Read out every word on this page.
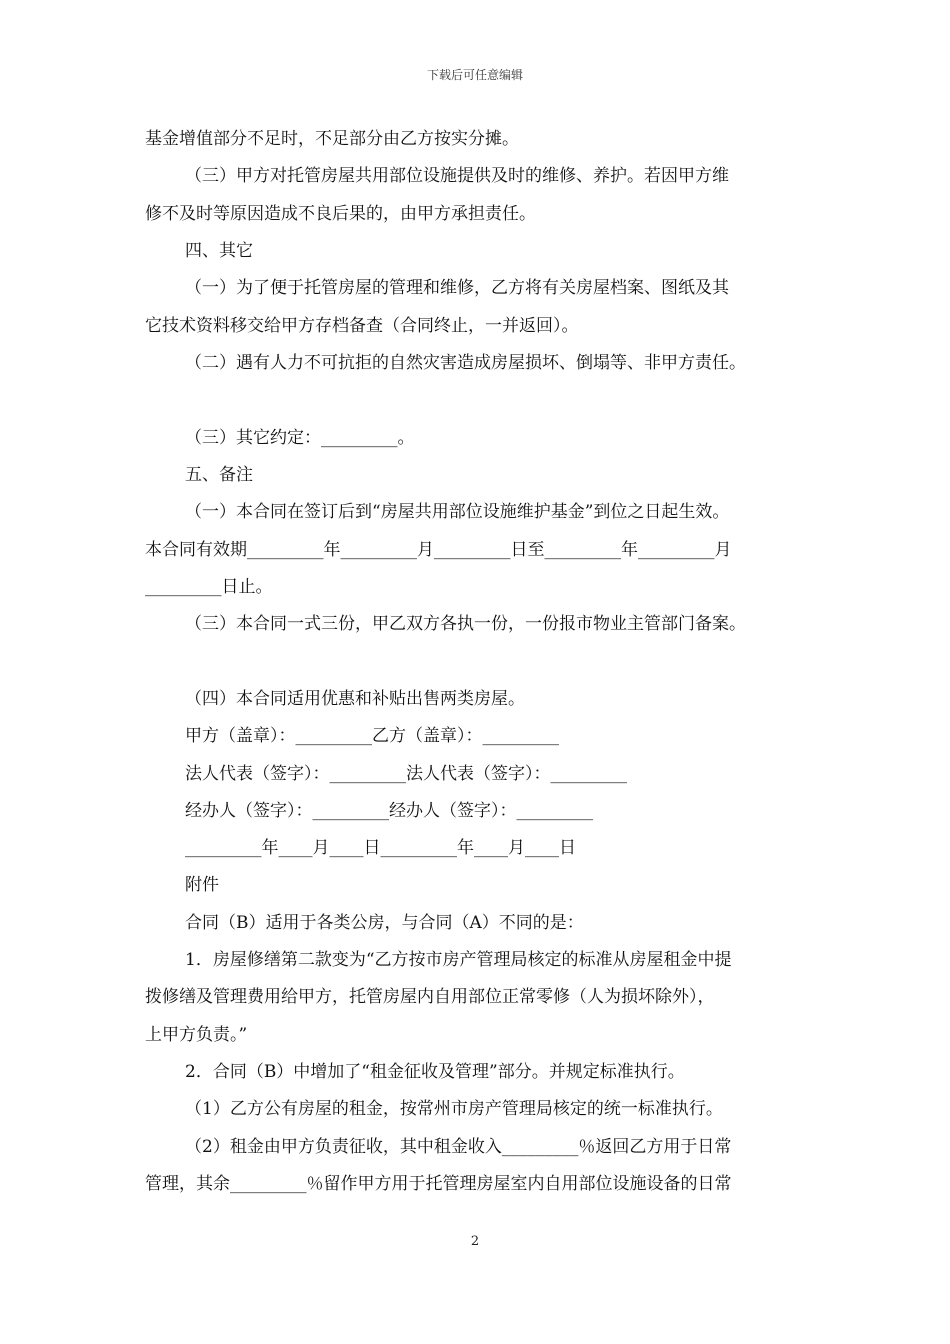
下载后可任意编辑
基金增值部分不足时，不足部分由乙方按实分摊。
（三）甲方对托管房屋共用部位设施提供及时的维修、养护。若因甲方维
修不及时等原因造成不良后果的，由甲方承担责任。
四、其它
（一）为了便于托管房屋的管理和维修，乙方将有关房屋档案、图纸及其
它技术资料移交给甲方存档备查（合同终止，一并返回）。
（二）遇有人力不可抗拒的自然灾害造成房屋损坏、倒塌等、非甲方责任。
（三）其它约定：_________。
五、备注
（一）本合同在签订后到“房屋共用部位设施维护基金”到位之日起生效。
本合同有效期_________年_________月_________日至_________年_________月
_________日止。
（三）本合同一式三份，甲乙双方各执一份，一份报市物业主管部门备案。
（四）本合同适用优惠和补贴出售两类房屋。
甲方（盖章）：_________乙方（盖章）：_________
法人代表（签字）：_________法人代表（签字）：_________
经办人（签字）：_________经办人（签字）：_________
_________年____月____日_________年____月____日
附件
合同（B）适用于各类公房，与合同（A）不同的是：
1．房屋修缮第二款变为“乙方按市房产管理局核定的标准从房屋租金中提
拨修缮及管理费用给甲方，托管房屋内自用部位正常零修（人为损坏除外），
上甲方负责。”
2．合同（B）中增加了“租金征收及管理”部分。并规定标准执行。
（1）乙方公有房屋的租金，按常州市房产管理局核定的统一标准执行。
（2）租金由甲方负责征收，其中租金收入_________％返回乙方用于日常
管理，其余_________％留作甲方用于托管理房屋室内自用部位设施设备的日常
2
